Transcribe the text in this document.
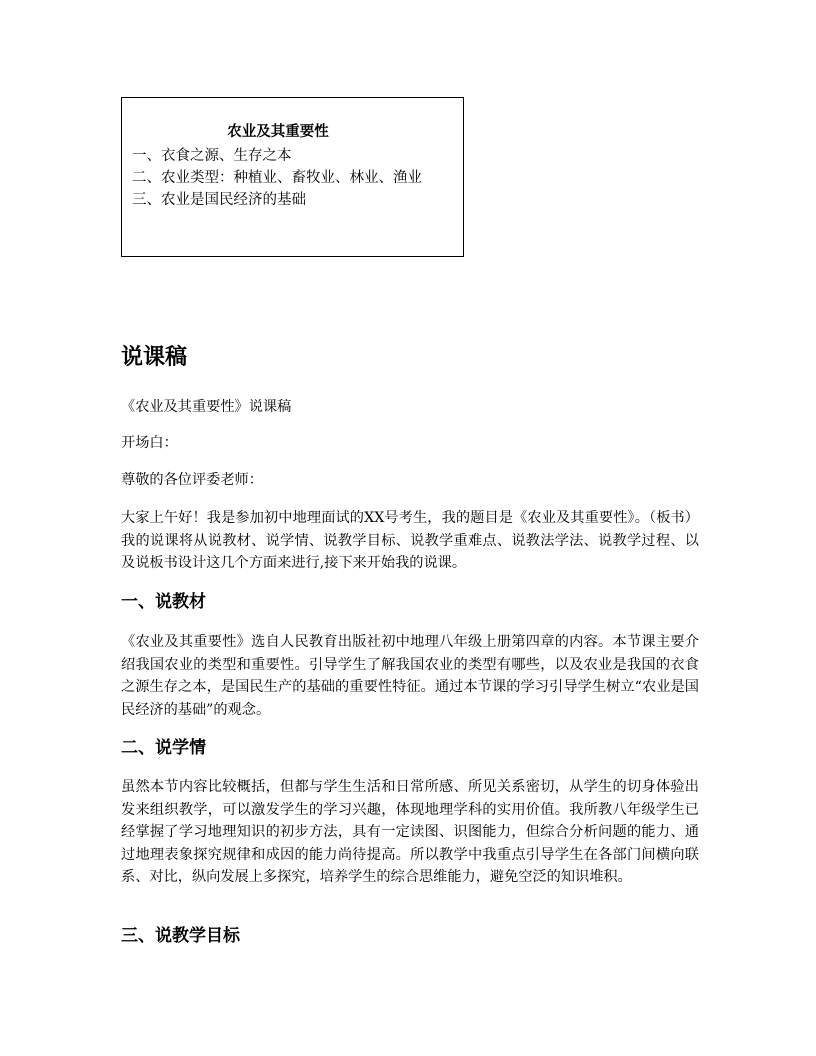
农业及其重要性

一、衣食之源、生存之本

二、农业类型：种植业、畜牧业、林业、渔业

三、农业是国民经济的基础

说课稿

《农业及其重要性》说课稿

开场白：

尊敬的各位评委老师：

大家上午好！我是参加初中地理面试的XX号考生，我的题目是《农业及其重要性》。（板书）我的说课将从说教材、说学情、说教学目标、说教学重难点、说教法学法、说教学过程、以及说板书设计这几个方面来进行,接下来开始我的说课。

一、说教材

《农业及其重要性》选自人民教育出版社初中地理八年级上册第四章的内容。本节课主要介绍我国农业的类型和重要性。引导学生了解我国农业的类型有哪些，以及农业是我国的衣食之源生存之本，是国民生产的基础的重要性特征。通过本节课的学习引导学生树立“农业是国民经济的基础”的观念。

二、说学情

虽然本节内容比较概括，但都与学生生活和日常所感、所见关系密切，从学生的切身体验出发来组织教学，可以激发学生的学习兴趣，体现地理学科的实用价值。我所教八年级学生已经掌握了学习地理知识的初步方法，具有一定读图、识图能力，但综合分析问题的能力、通过地理表象探究规律和成因的能力尚待提高。所以教学中我重点引导学生在各部门间横向联系、对比，纵向发展上多探究，培养学生的综合思维能力，避免空泛的知识堆积。

三、说教学目标
